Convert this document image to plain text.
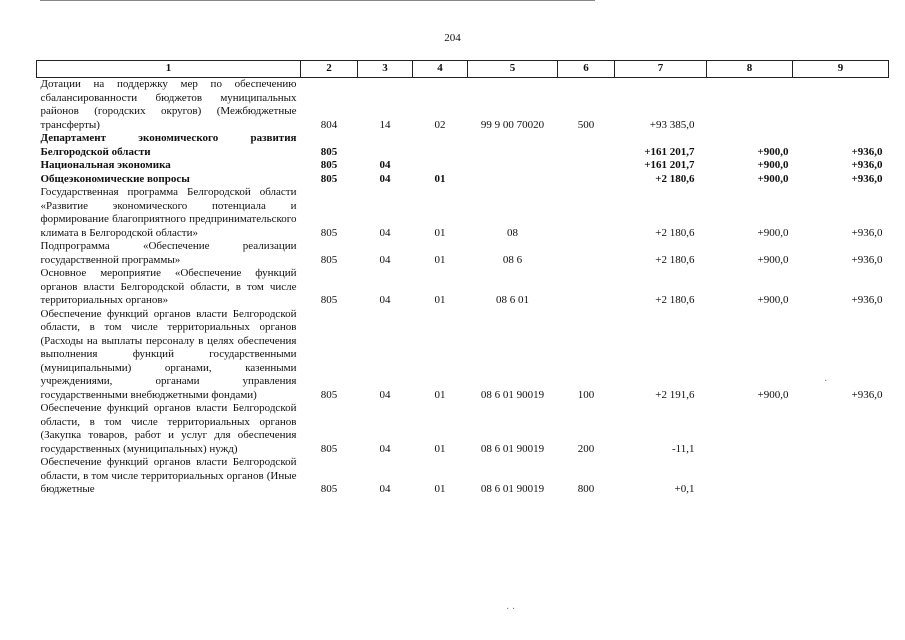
204
1	2	3	4	5	6	7	8	9
Дотации на поддержку мер по обеспечению сбалансированности бюджетов муниципальных районов (городских округов) (Межбюджетные трансферты)	804	14	02	99 9 00 70020	500	+93 385,0		
Департамент экономического развития Белгородской области	805					+161 201,7	+900,0	+936,0
Национальная экономика	805	04				+161 201,7	+900,0	+936,0
Общеэкономические вопросы	805	04	01			+2 180,6	+900,0	+936,0
Государственная программа Белгородской области «Развитие экономического потенциала и формирование благоприятного предпринимательского климата в Белгородской области»	805	04	01	08		+2 180,6	+900,0	+936,0
Подпрограмма «Обеспечение реализации государственной программы»	805	04	01	08 6		+2 180,6	+900,0	+936,0
Основное мероприятие «Обеспечение функций органов власти Белгородской области, в том числе территориальных органов»	805	04	01	08 6 01		+2 180,6	+900,0	+936,0
Обеспечение функций органов власти Белгородской области, в том числе территориальных органов (Расходы на выплаты персоналу в целях обеспечения выполнения функций государственными (муниципальными) органами, казенными учреждениями, органами управления государственными внебюджетными фондами)	805	04	01	08 6 01 90019	100	+2 191,6	+900,0	+936,0
Обеспечение функций органов власти Белгородской области, в том числе территориальных органов (Закупка товаров, работ и услуг для обеспечения государственных (муниципальных) нужд)	805	04	01	08 6 01 90019	200	-11,1		
Обеспечение функций органов власти Белгородской области, в том числе территориальных органов (Иные бюджетные	805	04	01	08 6 01 90019	800	+0,1		
·
· ·
